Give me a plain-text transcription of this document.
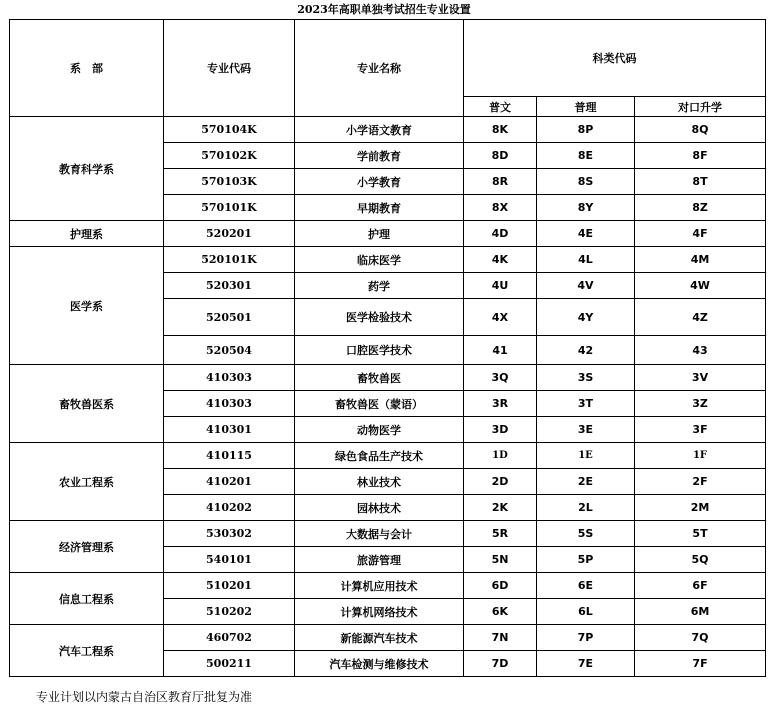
2023年高职单独考试招生专业设置
系　部	专业代码	专业名称	科类代码		
			普文	普理	对口升学
教育科学系	570104K	小学语文教育	8K	8P	8Q
	570102K	学前教育	8D	8E	8F
	570103K	小学教育	8R	8S	8T
	570101K	早期教育	8X	8Y	8Z
护理系	520201	护理	4D	4E	4F
医学系	520101K	临床医学	4K	4L	4M
	520301	药学	4U	4V	4W
	520501	医学检验技术	4X	4Y	4Z
	520504	口腔医学技术	41	42	43
畜牧兽医系	410303	畜牧兽医	3Q	3S	3V
	410303	畜牧兽医（蒙语）	3R	3T	3Z
	410301	动物医学	3D	3E	3F
农业工程系	410115	绿色食品生产技术	1D	1E	1F
	410201	林业技术	2D	2E	2F
	410202	园林技术	2K	2L	2M
经济管理系	530302	大数据与会计	5R	5S	5T
	540101	旅游管理	5N	5P	5Q
信息工程系	510201	计算机应用技术	6D	6E	6F
	510202	计算机网络技术	6K	6L	6M
汽车工程系	460702	新能源汽车技术	7N	7P	7Q
	500211	汽车检测与维修技术	7D	7E	7F
专业计划以内蒙古自治区教育厅批复为准
